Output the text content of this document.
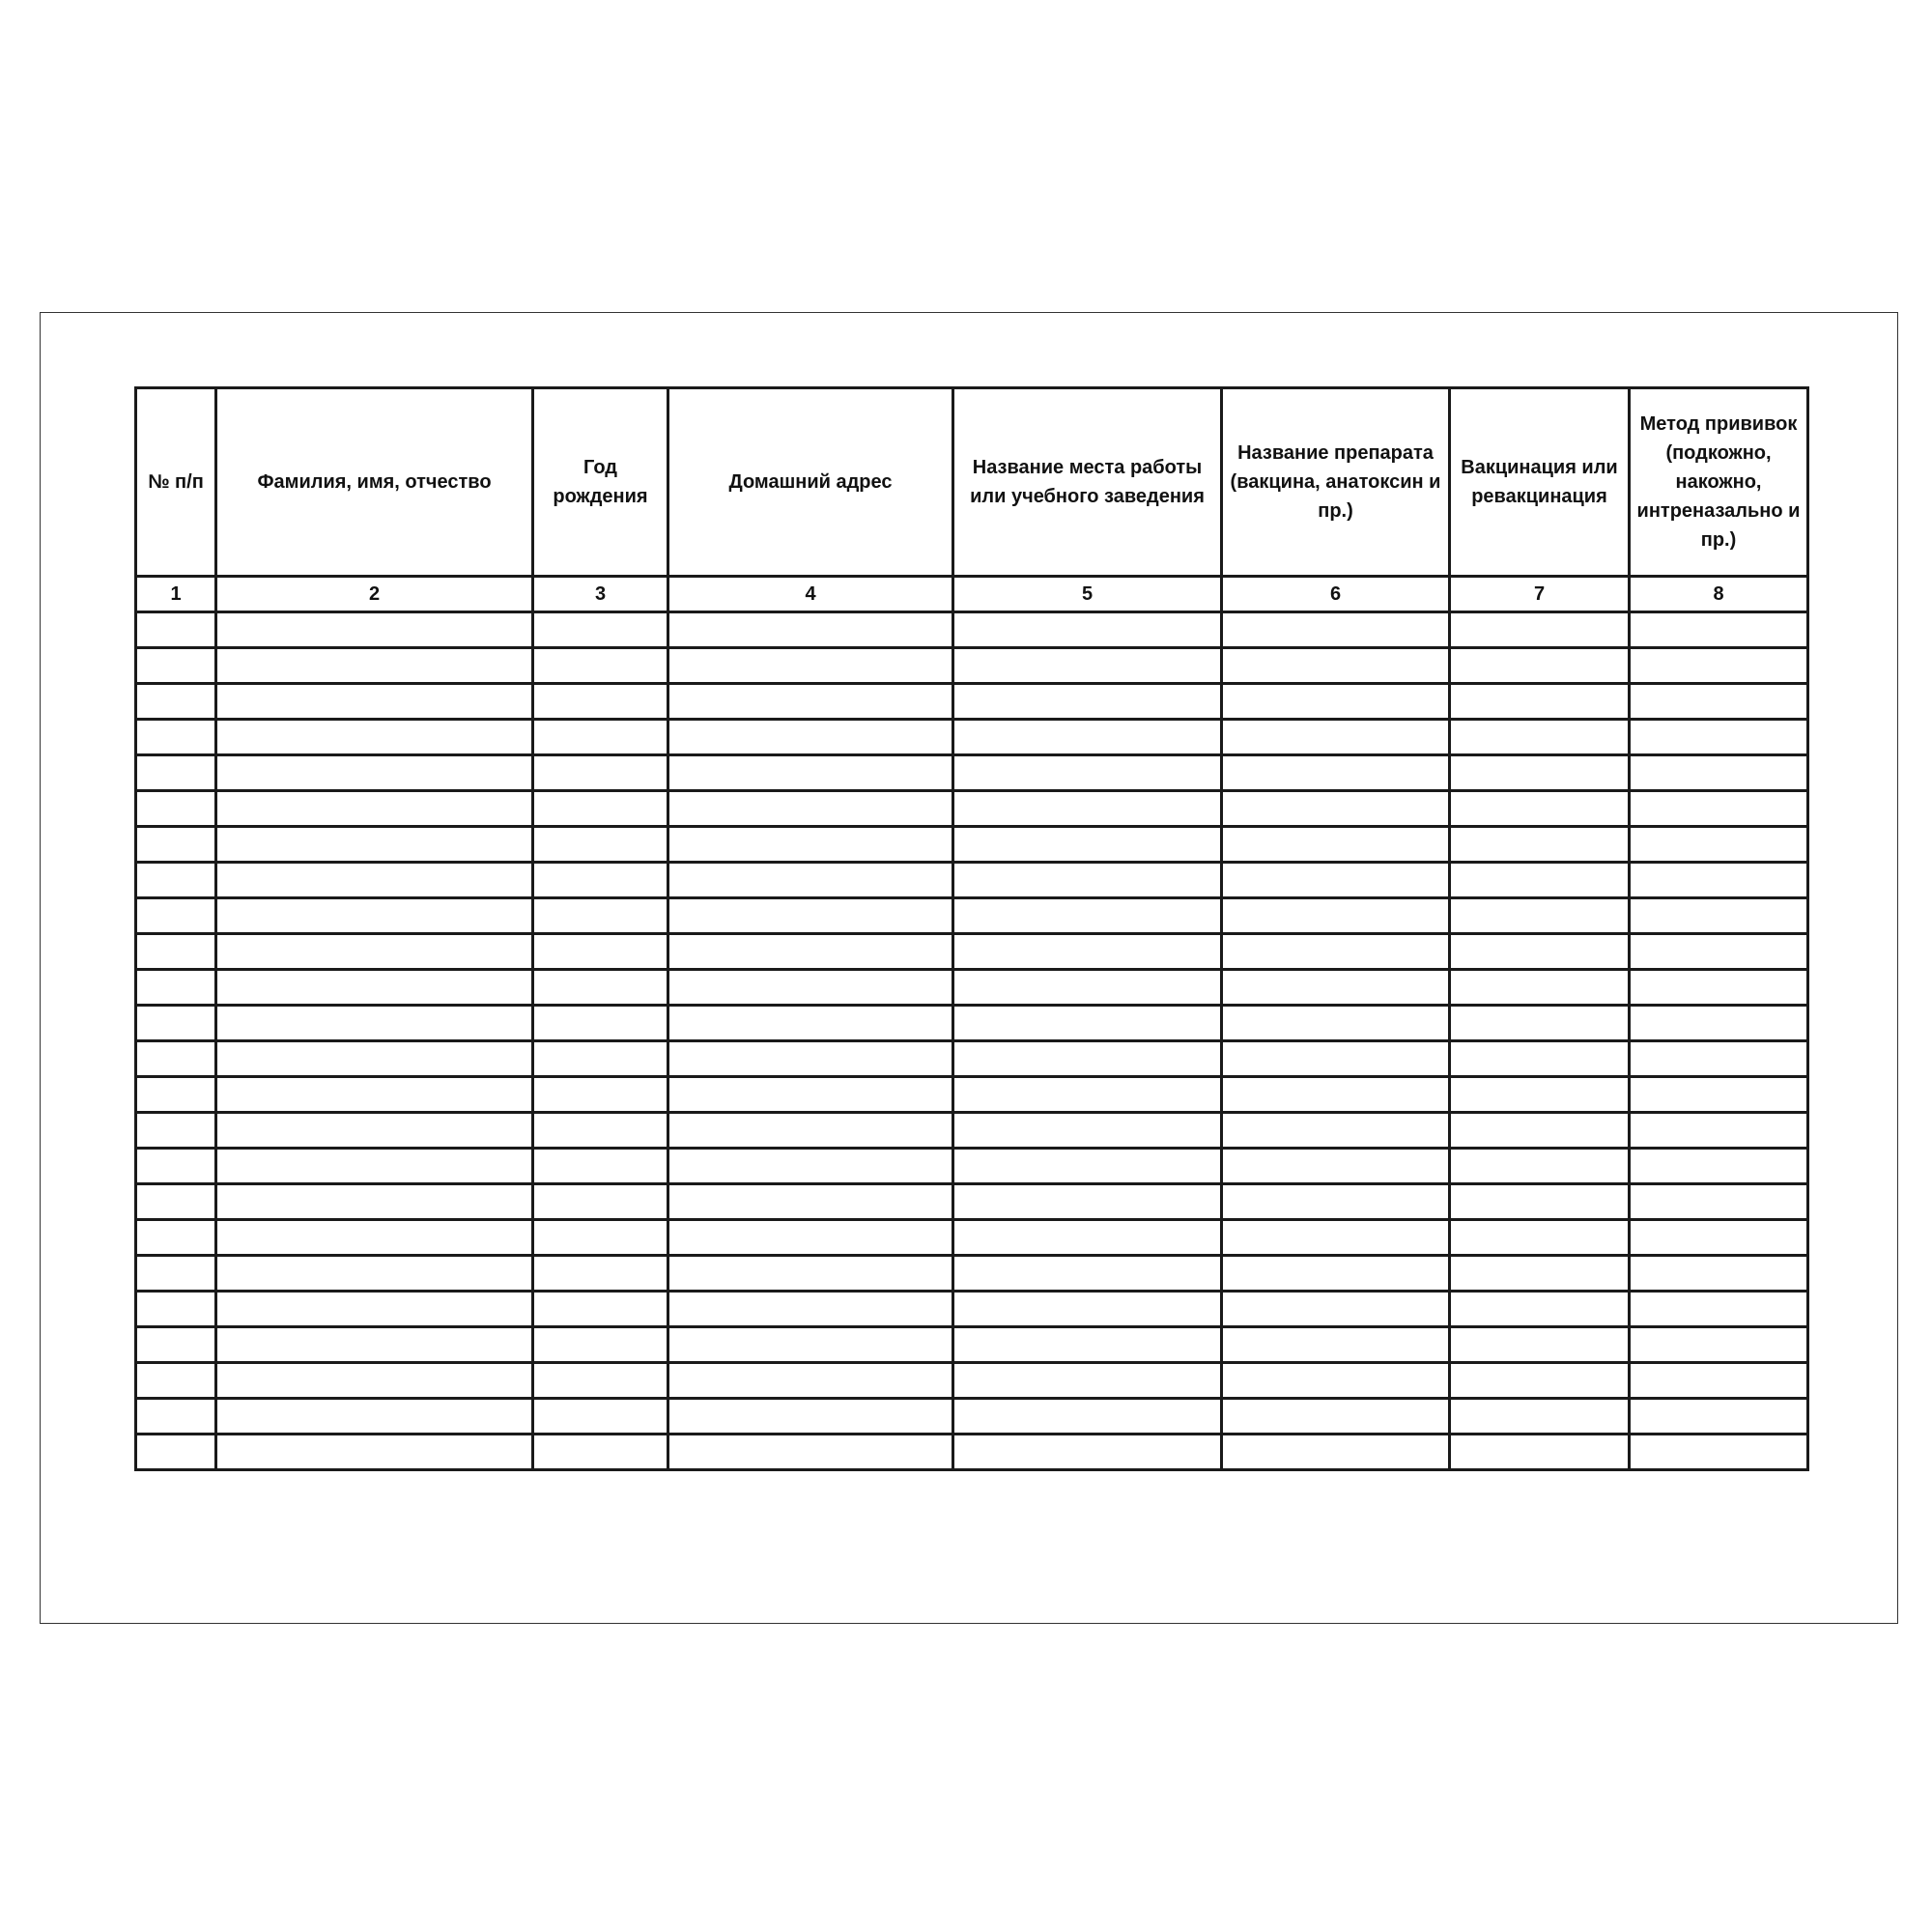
№ п/п	Фамилия, имя, отчество	Год рождения	Домашний адрес	Название места работы или учебного заведения	Название препарата (вакцина, анатоксин и пр.)	Вакцинация или ревакцинация	Метод прививок (подкожно, накожно, интреназально и пр.)
1	2	3	4	5	6	7	8
